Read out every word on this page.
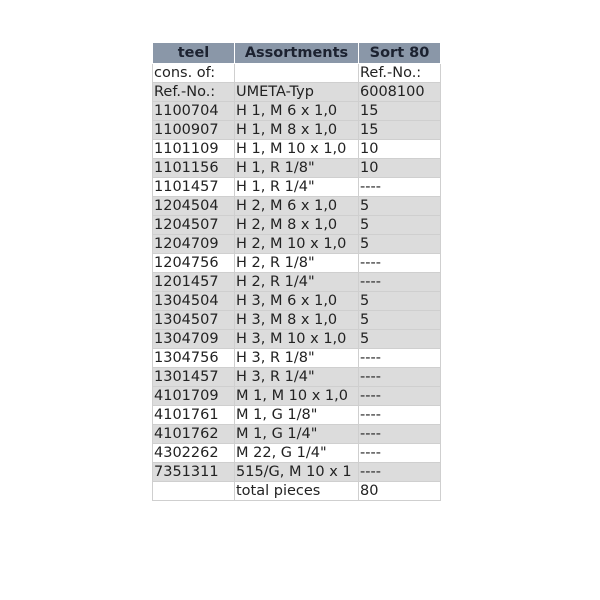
teel	Assortments	Sort 80
cons. of:		Ref.-No.:
Ref.-No.:	UMETA-Typ	6008100
1100704	H 1, M 6 x 1,0	15
1100907	H 1, M 8 x 1,0	15
1101109	H 1, M 10 x 1,0	10
1101156	H 1, R 1/8"	10
1101457	H 1, R 1/4"	----
1204504	H 2, M 6 x 1,0	5
1204507	H 2, M 8 x 1,0	5
1204709	H 2, M 10 x 1,0	5
1204756	H 2, R 1/8"	----
1201457	H 2, R 1/4"	----
1304504	H 3, M 6 x 1,0	5
1304507	H 3, M 8 x 1,0	5
1304709	H 3, M 10 x 1,0	5
1304756	H 3, R 1/8"	----
1301457	H 3, R 1/4"	----
4101709	M 1, M 10 x 1,0	----
4101761	M 1, G 1/8"	----
4101762	M 1, G 1/4"	----
4302262	M 22, G 1/4"	----
7351311	515/G, M 10 x 1	----
	total pieces	80
